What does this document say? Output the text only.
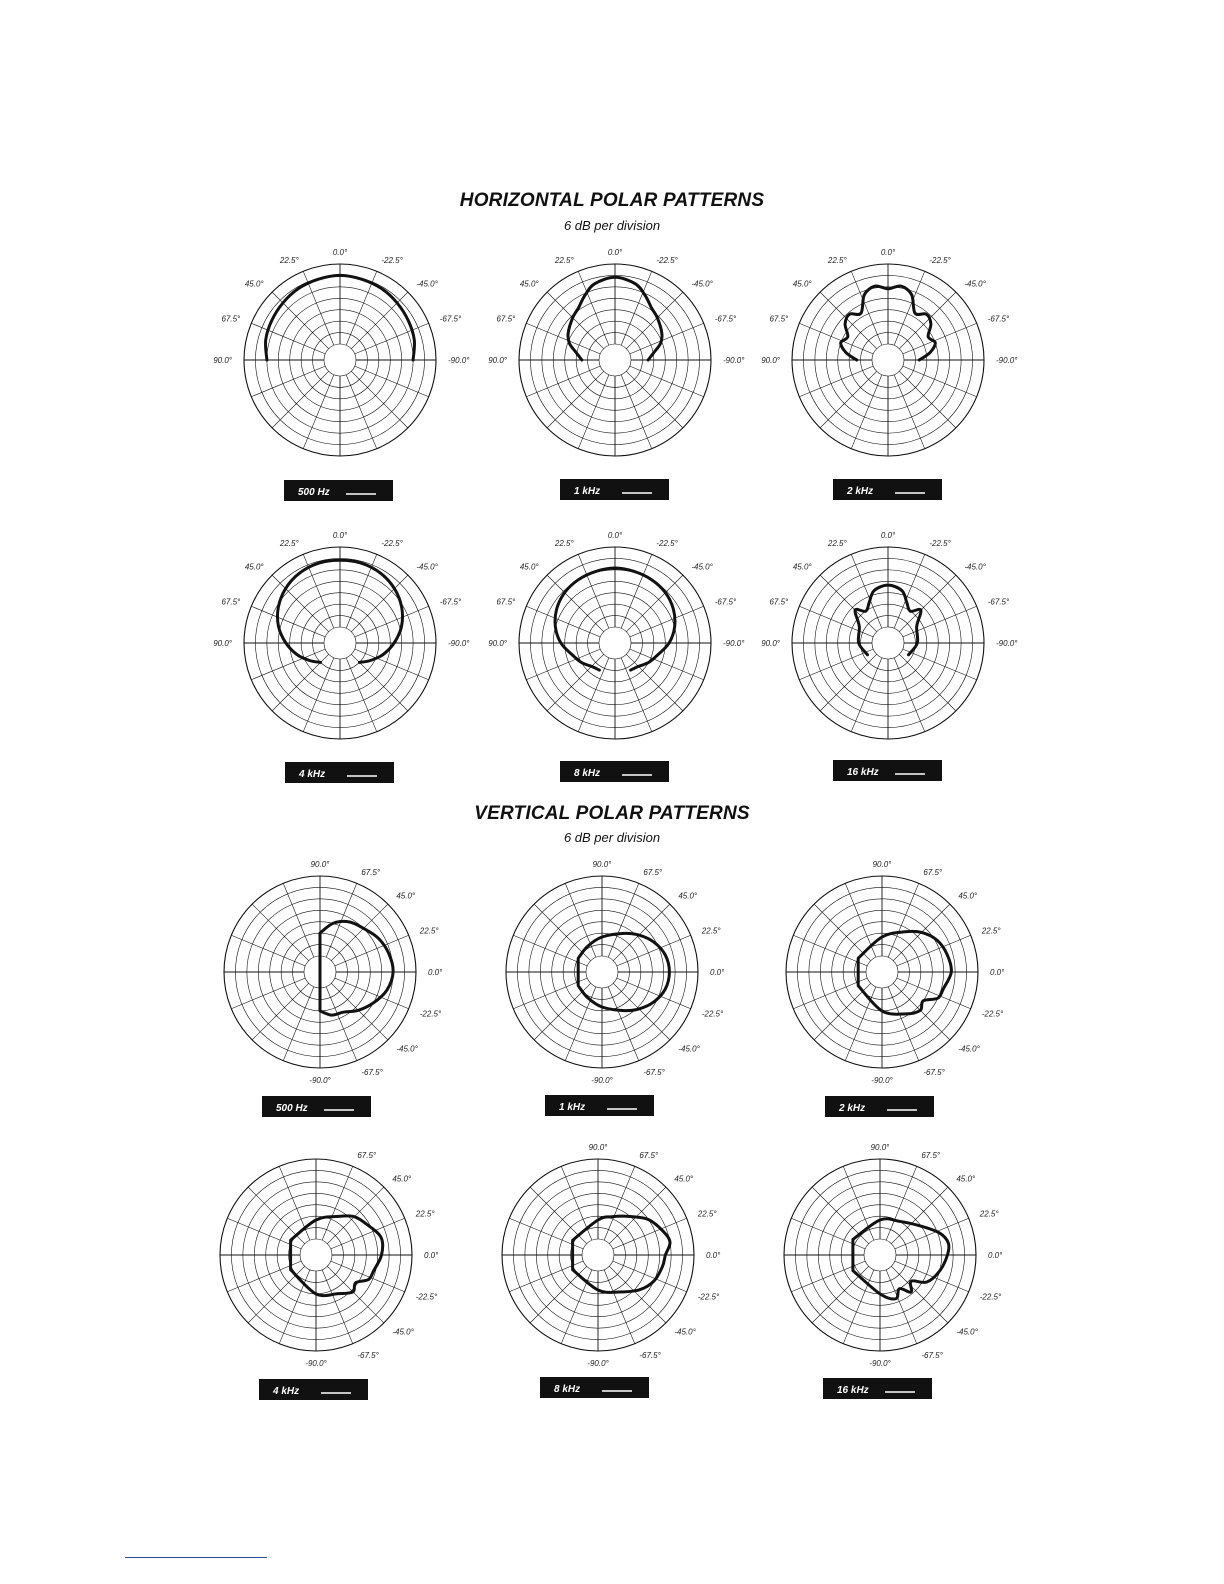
HORIZONTAL POLAR PATTERNS
6 dB per division
VERTICAL POLAR PATTERNS
6 dB per division
0.0°
22.5°
45.0°
67.5°
90.0°
-22.5°
-45.0°
-67.5°
-90.0°
500 Hz
0.0°
22.5°
45.0°
67.5°
90.0°
-22.5°
-45.0°
-67.5°
-90.0°
1 kHz
0.0°
22.5°
45.0°
67.5°
90.0°
-22.5°
-45.0°
-67.5°
-90.0°
2 kHz
0.0°
22.5°
45.0°
67.5°
90.0°
-22.5°
-45.0°
-67.5°
-90.0°
4 kHz
0.0°
22.5°
45.0°
67.5°
90.0°
-22.5°
-45.0°
-67.5°
-90.0°
8 kHz
0.0°
22.5°
45.0°
67.5°
90.0°
-22.5°
-45.0°
-67.5°
-90.0°
16 kHz
90.0°
67.5°
45.0°
22.5°
0.0°
-22.5°
-45.0°
-67.5°
-90.0°
500 Hz
90.0°
67.5°
45.0°
22.5°
0.0°
-22.5°
-45.0°
-67.5°
-90.0°
1 kHz
90.0°
67.5°
45.0°
22.5°
0.0°
-22.5°
-45.0°
-67.5°
-90.0°
2 kHz
67.5°
45.0°
22.5°
0.0°
-22.5°
-45.0°
-67.5°
-90.0°
4 kHz
90.0°
67.5°
45.0°
22.5°
0.0°
-22.5°
-45.0°
-67.5°
-90.0°
8 kHz
90.0°
67.5°
45.0°
22.5°
0.0°
-22.5°
-45.0°
-67.5°
-90.0°
16 kHz
